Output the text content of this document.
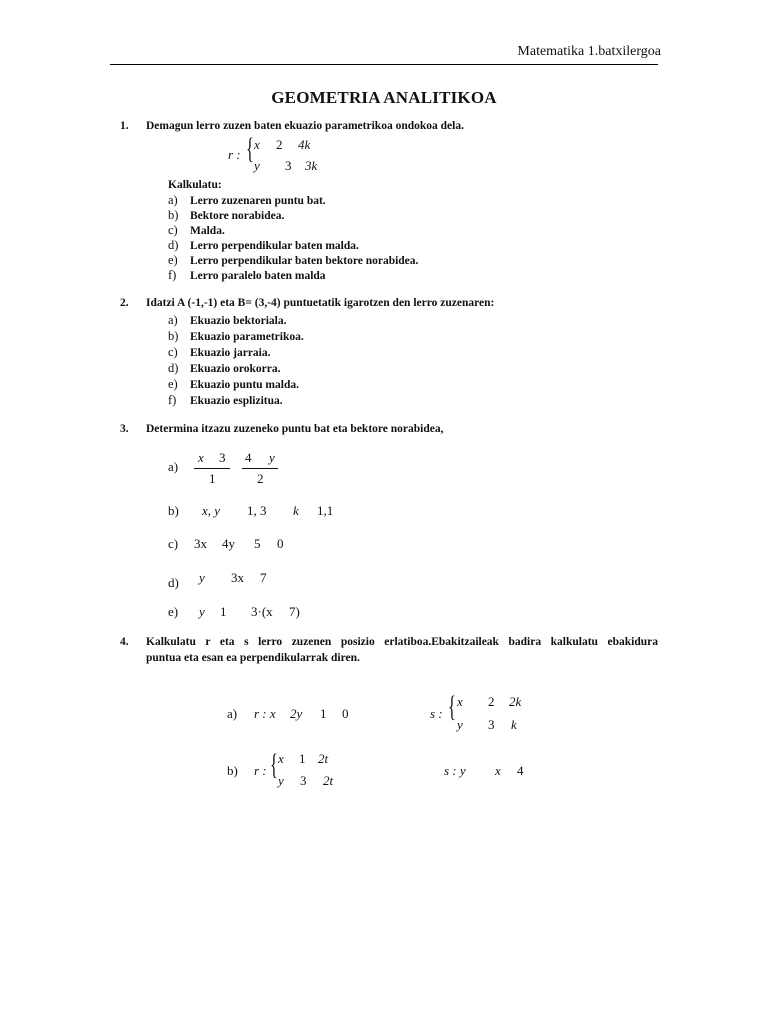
Matematika 1.batxilergoa
GEOMETRIA ANALITIKOA
1. Demagun lerro zuzen baten ekuazio parametrikoa ondokoa dela.
r : { x 2 4k
y 3 3k
Kalkulatu:
a) Lerro zuzenaren puntu bat.
b) Bektore norabidea.
c) Malda.
d) Lerro perpendikular baten malda.
e) Lerro perpendikular baten bektore norabidea.
f) Lerro paralelo baten malda
2. Idatzi A (-1,-1) eta B= (3,-4) puntuetatik igarotzen den lerro zuzenaren:
a) Ekuazio bektoriala.
b) Ekuazio parametrikoa.
c) Ekuazio jarraia.
d) Ekuazio orokorra.
e) Ekuazio puntu malda.
f) Ekuazio esplizitua.
3. Determina itzazu zuzeneko puntu bat eta bektore norabidea,
a)
x 3
1
4 y
2
b) x, y 1, 3 k 1,1
c) 3x 4y 5 0
d) y 3x 7
e) y 1 3·(x 7)
4. Kalkulatu r eta s lerro zuzenen posizio erlatiboa.Ebakitzaileak badira kalkulatu ebakidura
puntua eta esan ea perpendikularrak diren.
a) r : x 2y 1 0	s : { x 2 2k
y 3 k
b) r : { x 1 2t
y 3 2t
s : y x 4
